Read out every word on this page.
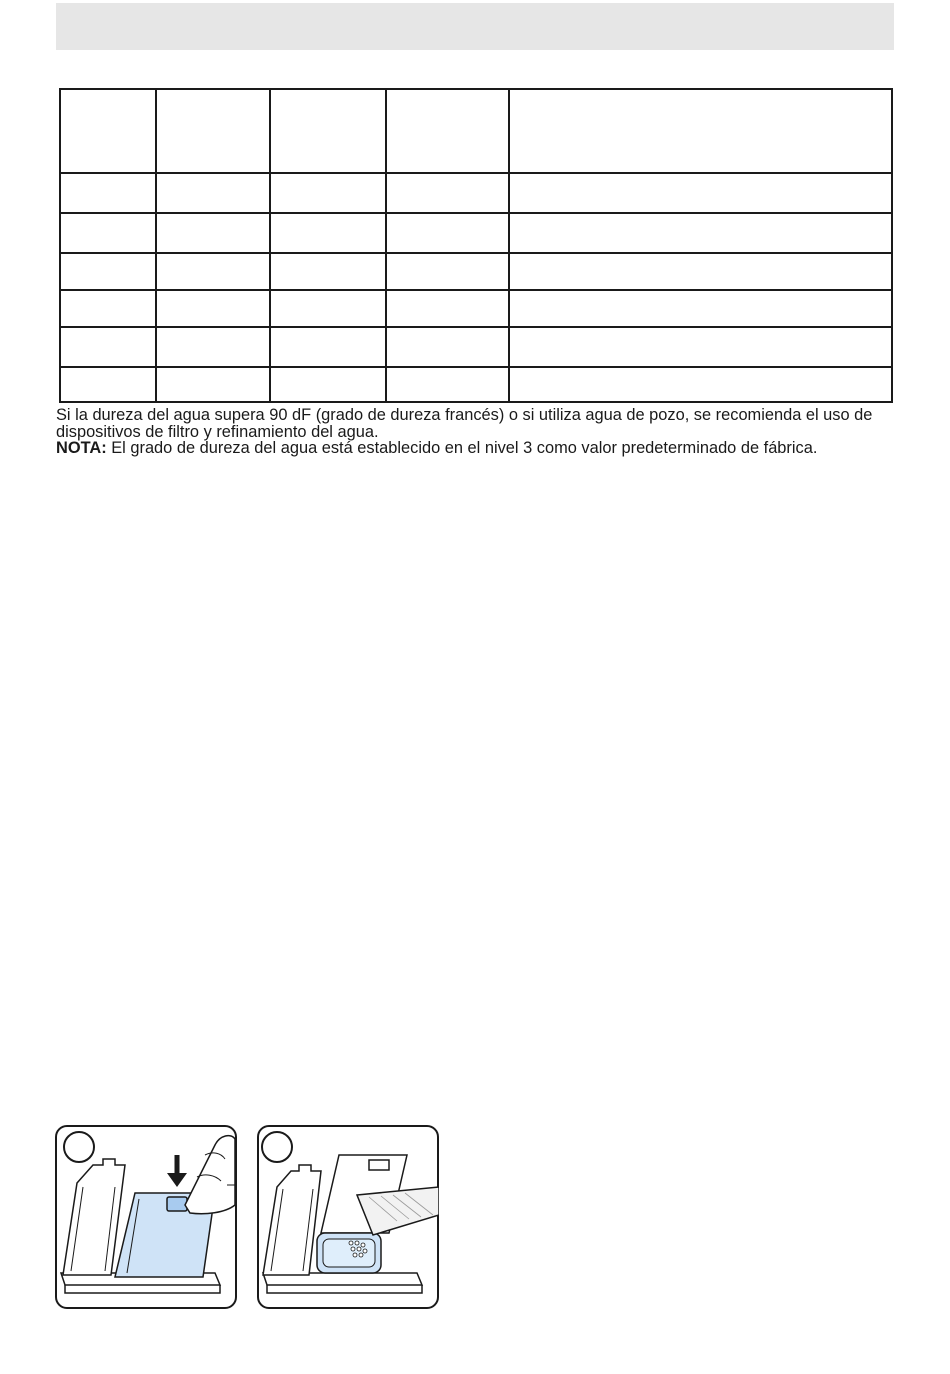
Si la dureza del agua supera 90 dF (grado de dureza francés) o si utiliza agua de pozo, se recomienda el uso de dispositivos de filtro y refinamiento del agua.

NOTA: El grado de dureza del agua está establecido en el nivel 3 como valor predeterminado de fábrica.
